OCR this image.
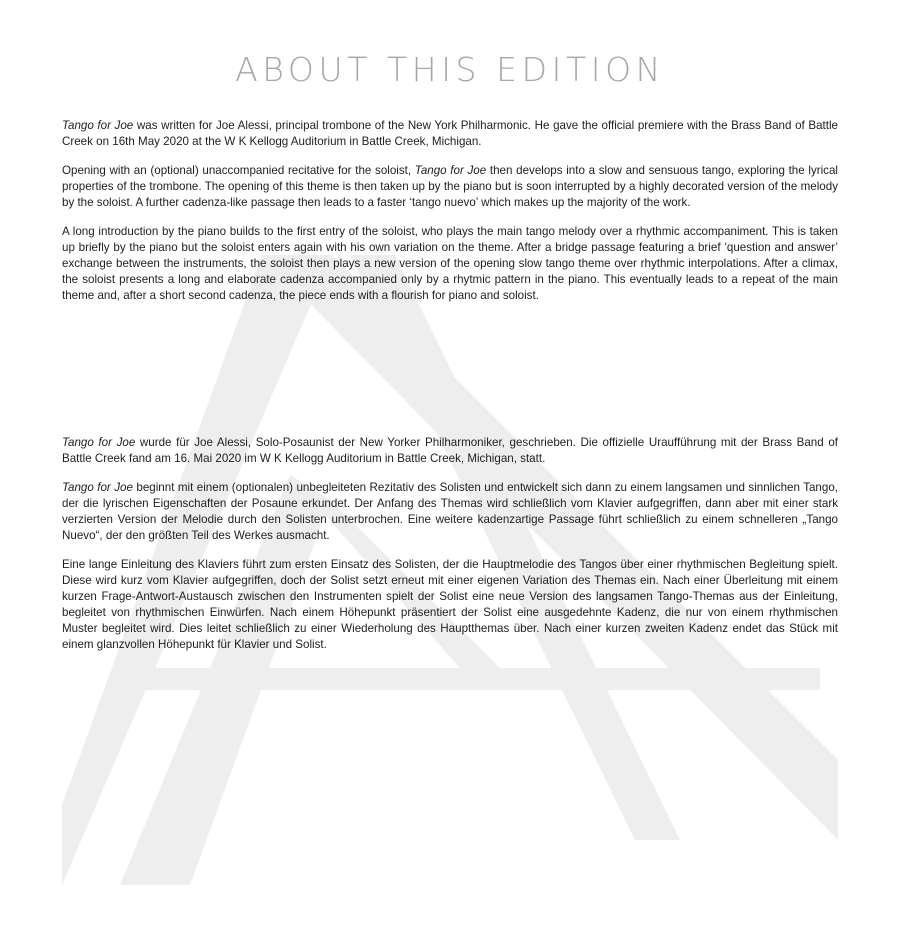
ABOUT THIS EDITION

Tango for Joe was written for Joe Alessi, principal trombone of the New York Philharmonic. He gave the official premiere with the Brass Band of Battle Creek on 16th May 2020 at the W K Kellogg Auditorium in Battle Creek, Michigan.

Opening with an (optional) unaccompanied recitative for the soloist, Tango for Joe then develops into a slow and sensuous tango, exploring the lyrical properties of the trombone. The opening of this theme is then taken up by the piano but is soon interrupted by a highly decorated version of the melody by the soloist. A further cadenza-like passage then leads to a faster ‘tango nuevo’ which makes up the majority of the work.

A long introduction by the piano builds to the first entry of the soloist, who plays the main tango melody over a rhythmic accompaniment. This is taken up briefly by the piano but the soloist enters again with his own variation on the theme. After a bridge passage featuring a brief ‘question and answer’ exchange between the instruments, the soloist then plays a new version of the opening slow tango theme over rhythmic interpolations. After a climax, the soloist presents a long and elaborate cadenza accompanied only by a rhytmic pattern in the piano. This eventually leads to a repeat of the main theme and, after a short second cadenza, the piece ends with a flourish for piano and soloist.

Tango for Joe wurde für Joe Alessi, Solo-Posaunist der New Yorker Philharmoniker, geschrieben. Die offizielle Uraufführung mit der Brass Band of Battle Creek fand am 16. Mai 2020 im W K Kellogg Auditorium in Battle Creek, Michigan, statt.

Tango for Joe beginnt mit einem (optionalen) unbegleiteten Rezitativ des Solisten und entwickelt sich dann zu einem langsamen und sinnlichen Tango, der die lyrischen Eigenschaften der Posaune erkundet. Der Anfang des Themas wird schließlich vom Klavier aufgegriffen, dann aber mit einer stark verzierten Version der Melodie durch den Solisten unterbrochen. Eine weitere kadenzartige Passage führt schließlich zu einem schnelleren „Tango Nuevo“, der den größten Teil des Werkes ausmacht.

Eine lange Einleitung des Klaviers führt zum ersten Einsatz des Solisten, der die Hauptmelodie des Tangos über einer rhythmischen Begleitung spielt. Diese wird kurz vom Klavier aufgegriffen, doch der Solist setzt erneut mit einer eigenen Variation des Themas ein. Nach einer Überleitung mit einem kurzen Frage-Antwort-Austausch zwischen den Instrumenten spielt der Solist eine neue Version des langsamen Tango-Themas aus der Einleitung, begleitet von rhythmischen Einwürfen. Nach einem Höhepunkt präsentiert der Solist eine ausgedehnte Kadenz, die nur von einem rhythmischen Muster begleitet wird. Dies leitet schließlich zu einer Wiederholung des Hauptthemas über. Nach einer kurzen zweiten Kadenz endet das Stück mit einem glanzvollen Höhepunkt für Klavier und Solist.
